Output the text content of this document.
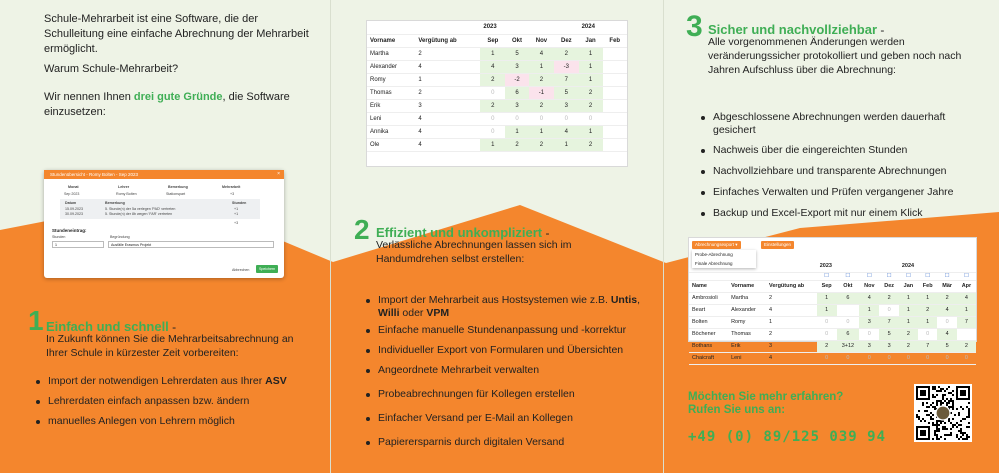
Schule-Mehrarbeit ist eine Software, die der Schulleitung eine einfache Abrechnung der Mehrarbeit ermöglicht.
Warum Schule-Mehrarbeit?
Wir nennen Ihnen drei gute Gründe, die Software einzusetzen:
Stundenübersicht - Romy Bolten - Sep 2023	×
Monat	Lehrer	Bemerkung	Mehrarbeit
Sep 2023	Romy Bolten	Stationspart	+3
Datum	Bemerkung	Stunden
15.09.2023	5. Stunde(n) der 5a verlegen 'PAD' vertreten	+1
30.09.2023	5. Stunde(n) der 8b wegen 'FAR' vertreten	+1
+3
Stundeneintrag:
Stunden	Begründung
1	Ausfälle Erasmus Projekt
Abbrechen	Speichern
1 Einfach und schnell -
In Zukunft können Sie die Mehrarbeitsabrechnung an Ihrer Schule in kürzester Zeit vorbereiten:
Import der notwendigen Lehrerdaten aus Ihrer ASV
Lehrerdaten einfach anpassen bzw. ändern
manuelles Anlegen von Lehrern möglich
		2023				2024	
Vorname	Vergütung ab	Sep	Okt	Nov	Dez	Jan	Feb
Martha	2	1	5	4	2	1	
Alexander	4	4	3	1	-3	1	
Romy	1	2	-2	2	7	1	
Thomas	2	0	6	-1	5	2	
Erik	3	2	3	2	3	2	
Leni	4	0	0	0	0	0	
Annika	4	0	1	1	4	1	
Ole	4	1	2	2	1	2	
2 Effizient und unkompliziert -
Verlässliche Abrechnungen lassen sich im Handumdrehen selbst erstellen:
Import der Mehrarbeit aus Hostsystemen wie z.B. Untis, Willi oder VPM
Einfache manuelle Stundenanpassung und -korrektur
Individueller Export von Formularen und Übersichten
Angeordnete Mehrarbeit verwalten
Probeabrechnungen für Kollegen erstellen
Einfacher Versand per E-Mail an Kollegen
Papierersparnis durch digitalen Versand
3 Sicher und nachvollziehbar -
Alle vorgenommenen Änderungen werden veränderungssicher protokolliert und geben noch nach Jahren Aufschluss über die Abrechnung:
Abgeschlossene Abrechnungen werden dauerhaft gesichert
Nachweis über die eingereichten Stunden
Nachvollziehbare und transparente Abrechnungen
Einfaches Verwalten und Prüfen vergangener Jahre
Backup und Excel-Export mit nur einem Klick
Abrechnungsexport ▾	Einstellungen
Probe-Abrechnung
Finale Abrechnung
			2023				2024			
			☐	☐	☐	☐	☐	☐	☐	☐
Name	Vorname	Vergütung ab	Sep	Okt	Nov	Dez	Jan	Feb	Mär	Apr
Ambrosioli	Martha	2	1	6	4	2	1	1	2	4
Beart	Alexander	4	1		1	0	1	2	4	1
Bolten	Romy	1	0	0	3	7	1	1	0	7
Böchener	Thomas	2	0	6	0	5	2	0	4	
Bothans	Erik	3	2	3+12	3	3	2	7	5	2
Chaicraft	Leni	4	0	0	0	0	0	0	0	0
Möchten Sie mehr erfahren?
Rufen Sie uns an:
+49 (0) 89/125 039 94
